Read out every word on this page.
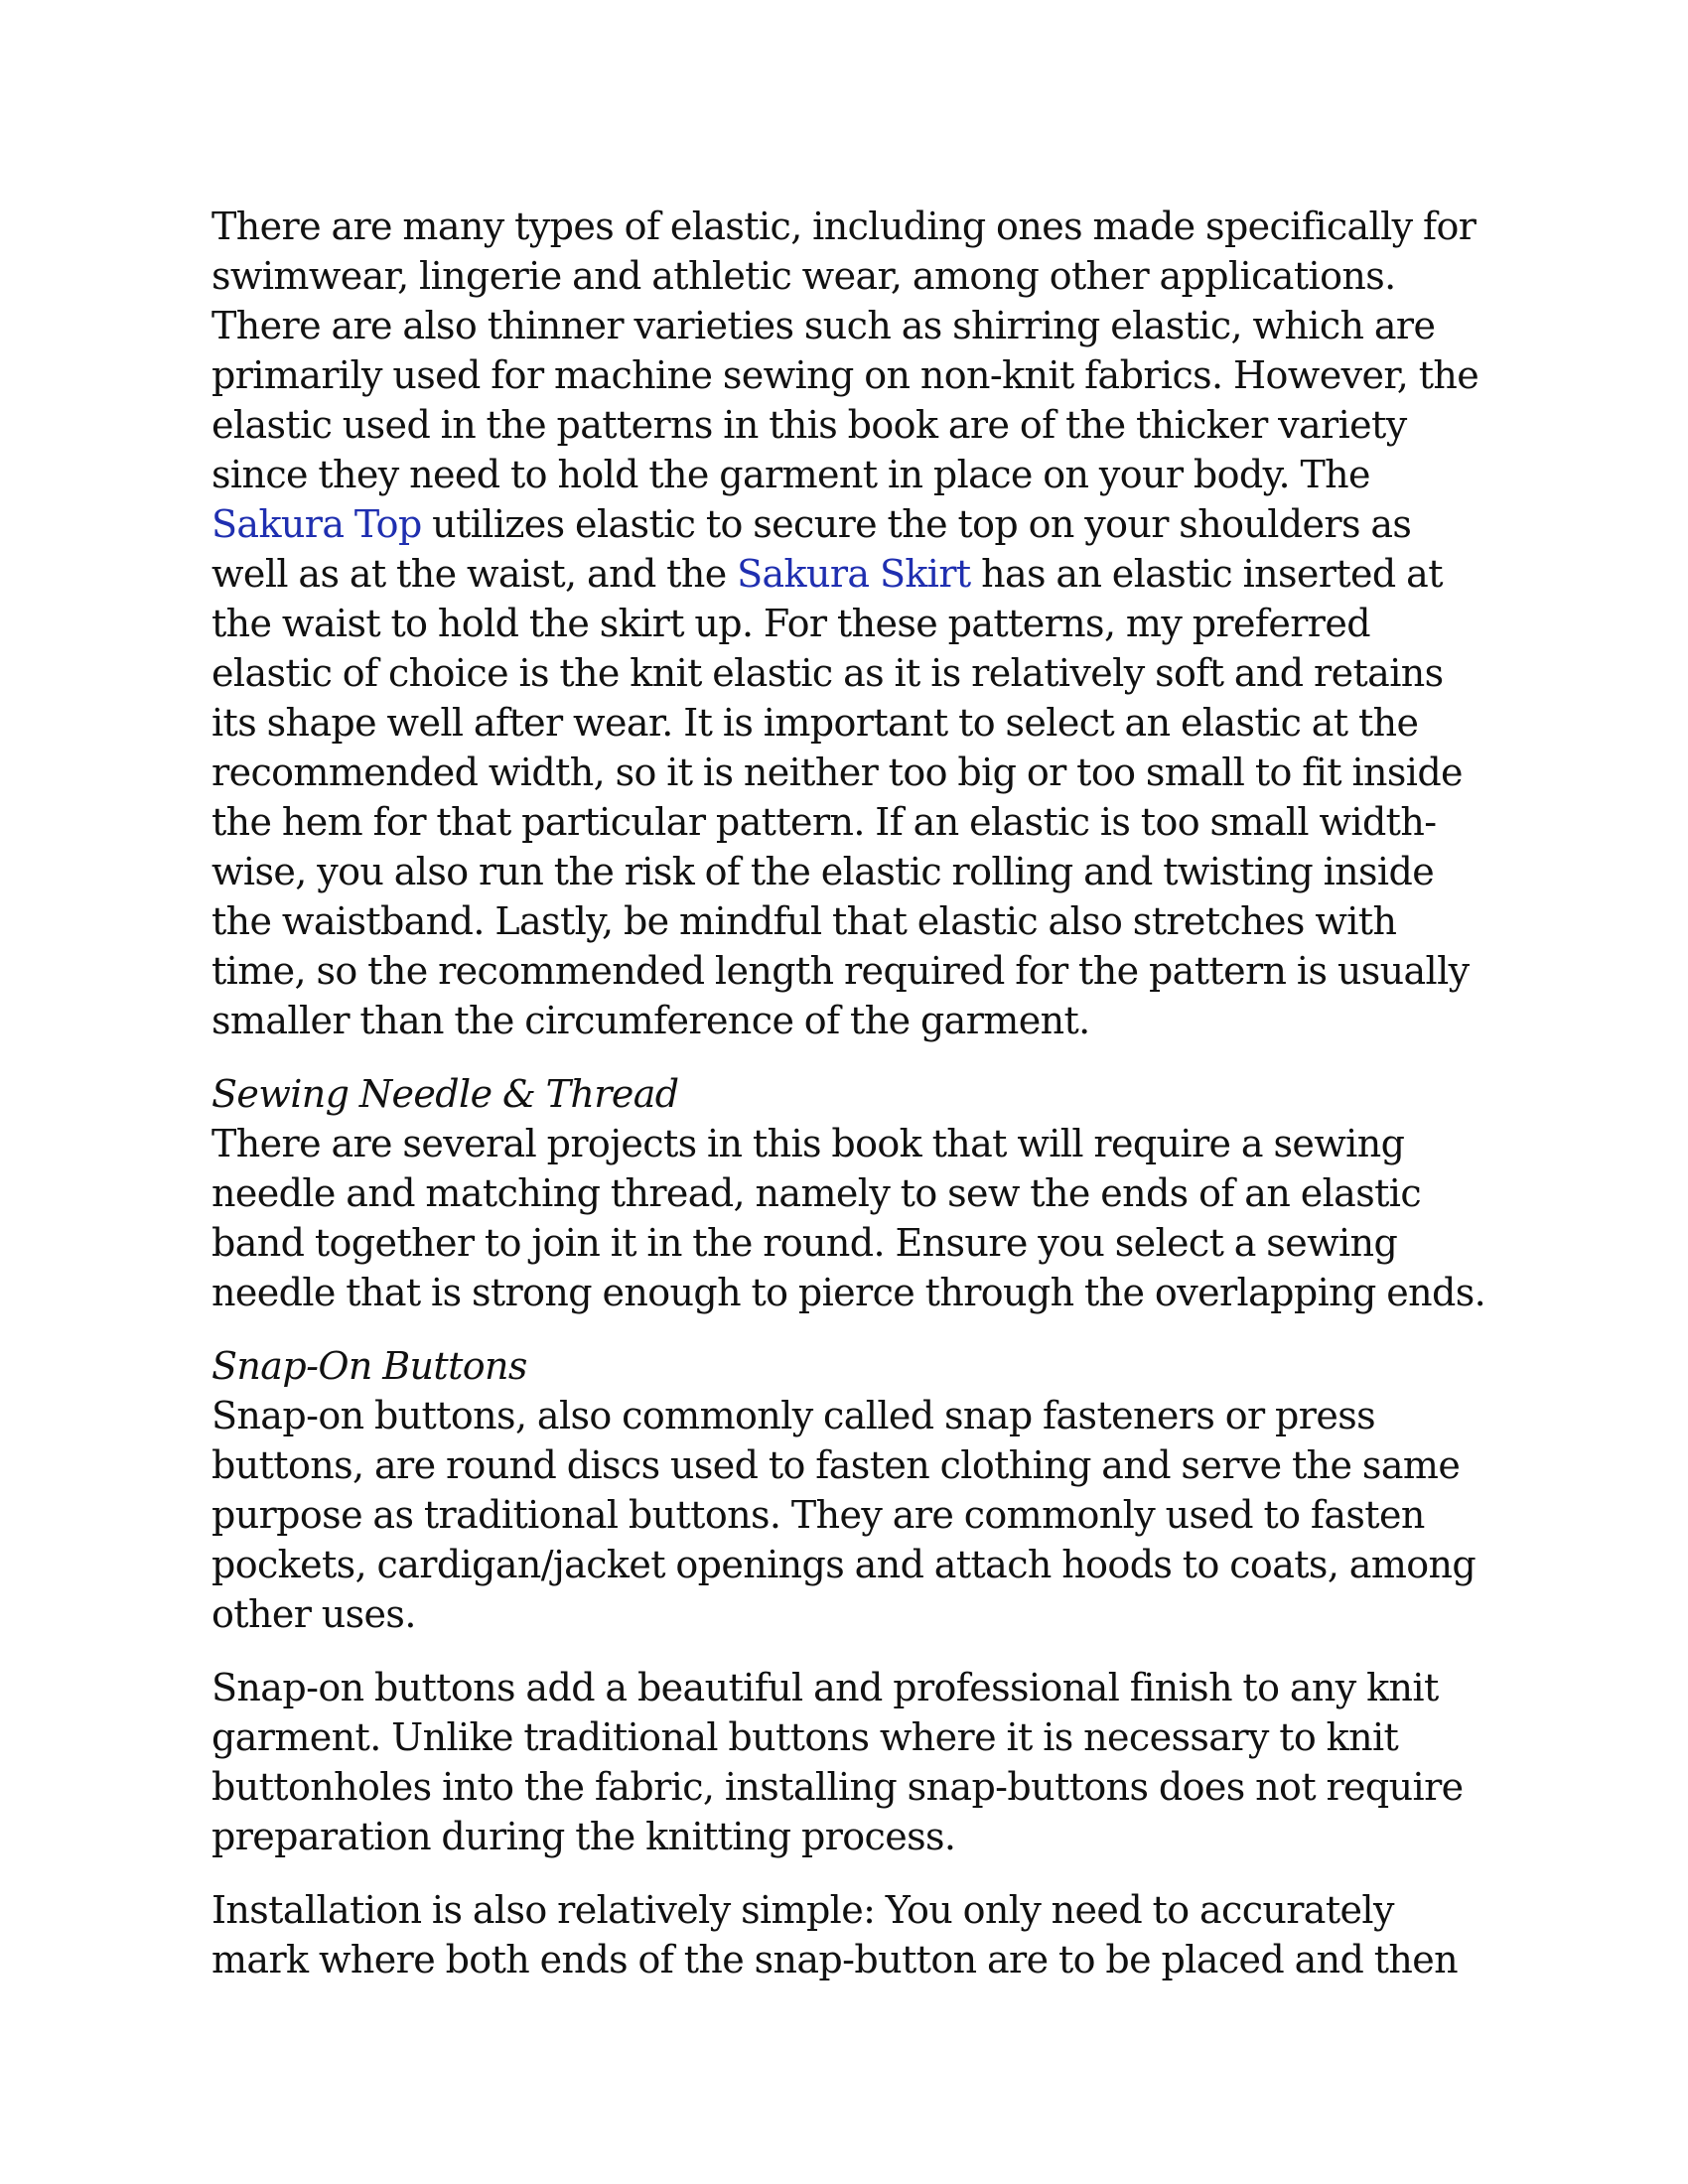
There are many types of elastic, including ones made specifically for swimwear, lingerie and athletic wear, among other applications. There are also thinner varieties such as shirring elastic, which are primarily used for machine sewing on non-knit fabrics. However, the elastic used in the patterns in this book are of the thicker variety since they need to hold the garment in place on your body. The Sakura Top utilizes elastic to secure the top on your shoulders as well as at the waist, and the Sakura Skirt has an elastic inserted at the waist to hold the skirt up. For these patterns, my preferred elastic of choice is the knit elastic as it is relatively soft and retains its shape well after wear. It is important to select an elastic at the recommended width, so it is neither too big or too small to fit inside the hem for that particular pattern. If an elastic is too small width-wise, you also run the risk of the elastic rolling and twisting inside the waistband. Lastly, be mindful that elastic also stretches with time, so the recommended length required for the pattern is usually smaller than the circumference of the garment.

Sewing Needle & Thread
There are several projects in this book that will require a sewing needle and matching thread, namely to sew the ends of an elastic band together to join it in the round. Ensure you select a sewing needle that is strong enough to pierce through the overlapping ends.

Snap-On Buttons
Snap-on buttons, also commonly called snap fasteners or press buttons, are round discs used to fasten clothing and serve the same purpose as traditional buttons. They are commonly used to fasten pockets, cardigan/jacket openings and attach hoods to coats, among other uses.

Snap-on buttons add a beautiful and professional finish to any knit garment. Unlike traditional buttons where it is necessary to knit buttonholes into the fabric, installing snap-buttons does not require preparation during the knitting process.

Installation is also relatively simple: You only need to accurately mark where both ends of the snap-button are to be placed and then
